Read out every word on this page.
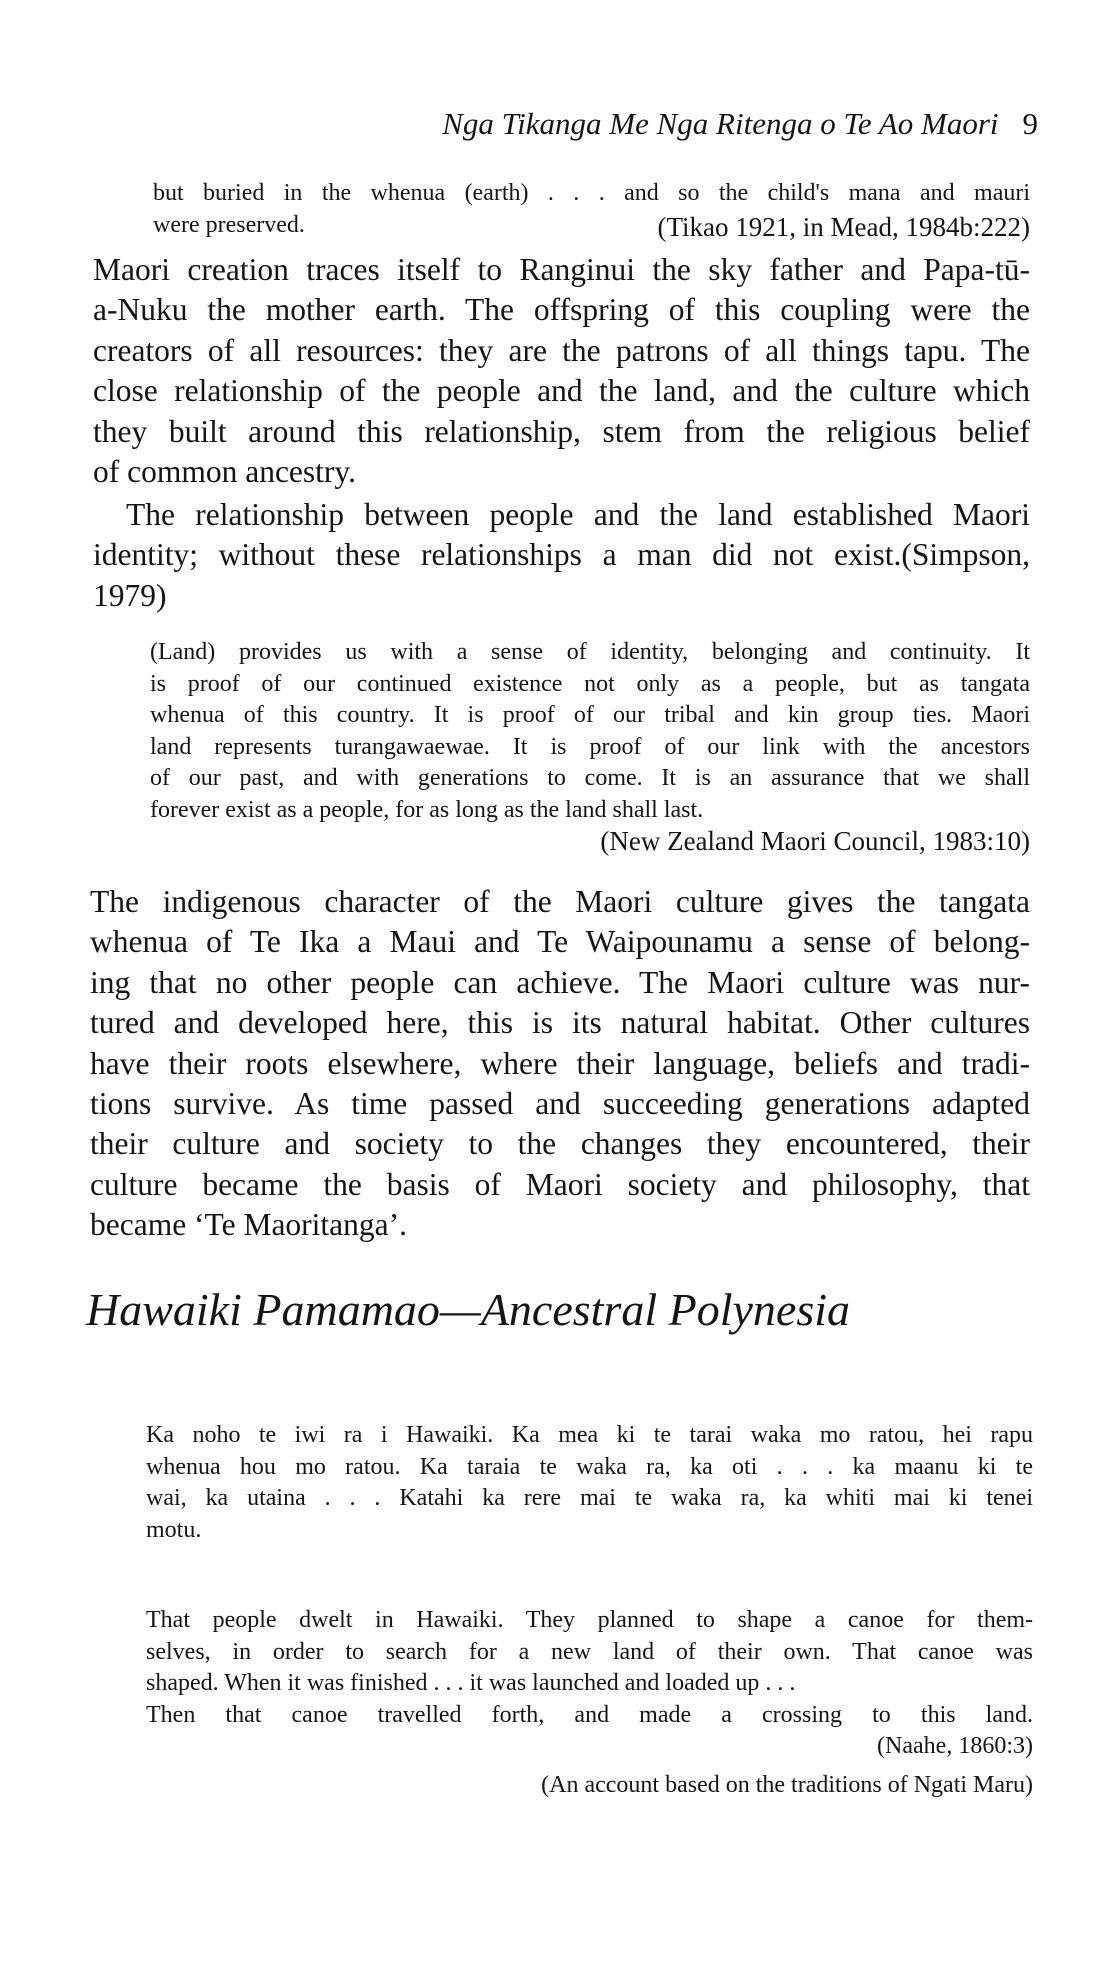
Nga Tikanga Me Nga Ritenga o Te Ao Maori 9
but buried in the whenua (earth) . . . and so the child's mana and mauri
were preserved.	(Tikao 1921, in Mead, 1984b:222)
Maori creation traces itself to Ranginui the sky father and Papa-tū-
a-Nuku the mother earth. The offspring of this coupling were the
creators of all resources: they are the patrons of all things tapu. The
close relationship of the people and the land, and the culture which
they built around this relationship, stem from the religious belief
of common ancestry.
The relationship between people and the land established Maori
identity; without these relationships a man did not exist.(Simpson,
1979)
(Land) provides us with a sense of identity, belonging and continuity. It
is proof of our continued existence not only as a people, but as tangata
whenua of this country. It is proof of our tribal and kin group ties. Maori
land represents turangawaewae. It is proof of our link with the ancestors
of our past, and with generations to come. It is an assurance that we shall
forever exist as a people, for as long as the land shall last.
(New Zealand Maori Council, 1983:10)
The indigenous character of the Maori culture gives the tangata
whenua of Te Ika a Maui and Te Waipounamu a sense of belong-
ing that no other people can achieve. The Maori culture was nur-
tured and developed here, this is its natural habitat. Other cultures
have their roots elsewhere, where their language, beliefs and tradi-
tions survive. As time passed and succeeding generations adapted
their culture and society to the changes they encountered, their
culture became the basis of Maori society and philosophy, that
became ‘Te Maoritanga’.
Hawaiki Pamamao—Ancestral Polynesia
Ka noho te iwi ra i Hawaiki. Ka mea ki te tarai waka mo ratou, hei rapu
whenua hou mo ratou. Ka taraia te waka ra, ka oti . . . ka maanu ki te
wai, ka utaina . . . Katahi ka rere mai te waka ra, ka whiti mai ki tenei
motu.
That people dwelt in Hawaiki. They planned to shape a canoe for them-
selves, in order to search for a new land of their own. That canoe was
shaped. When it was finished . . . it was launched and loaded up . . .
Then that canoe travelled forth, and made a crossing to this land.
(Naahe, 1860:3)
(An account based on the traditions of Ngati Maru)
